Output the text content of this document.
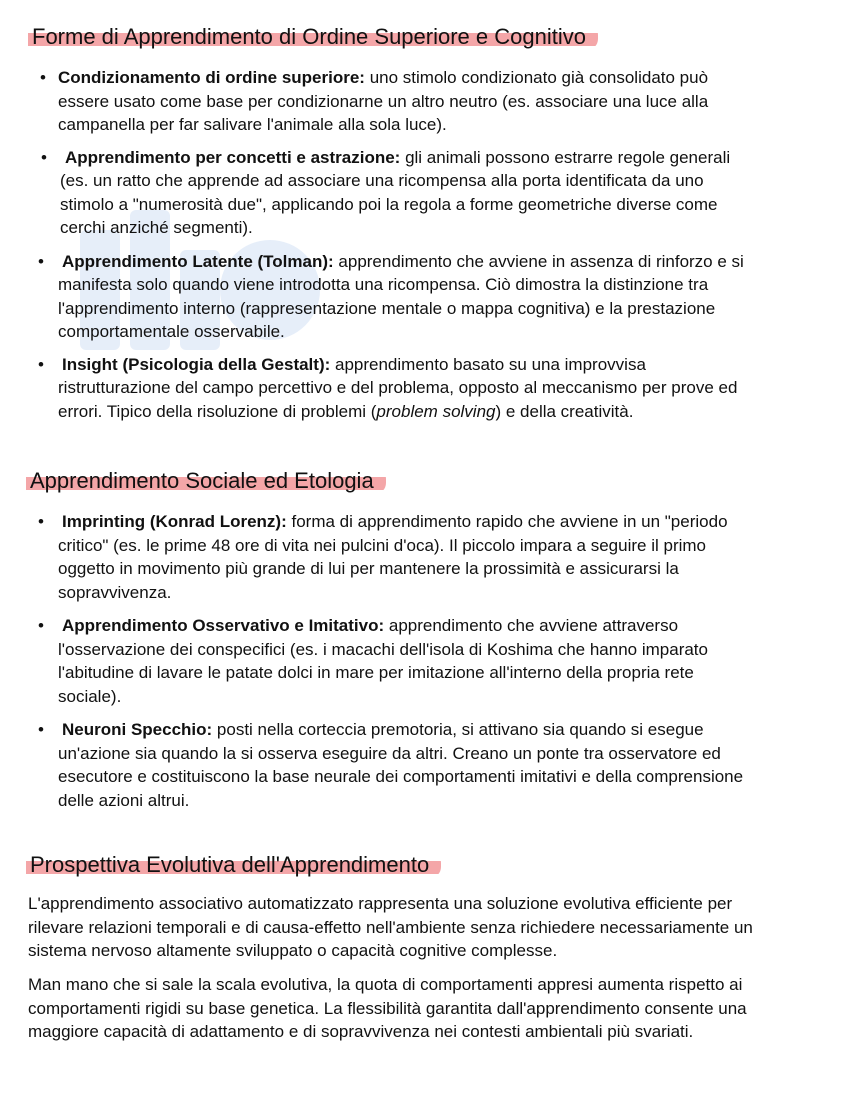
Forme di Apprendimento di Ordine Superiore e Cognitivo
• Condizionamento di ordine superiore: uno stimolo condizionato già consolidato può
essere usato come base per condizionarne un altro neutro (es. associare una luce alla
campanella per far salivare l'animale alla sola luce).
• Apprendimento per concetti e astrazione: gli animali possono estrarre regole generali
(es. un ratto che apprende ad associare una ricompensa alla porta identificata da uno
stimolo a "numerosità due", applicando poi la regola a forme geometriche diverse come
cerchi anziché segmenti).
• Apprendimento Latente (Tolman): apprendimento che avviene in assenza di rinforzo e si
manifesta solo quando viene introdotta una ricompensa. Ciò dimostra la distinzione tra
l'apprendimento interno (rappresentazione mentale o mappa cognitiva) e la prestazione
comportamentale osservabile.
• Insight (Psicologia della Gestalt): apprendimento basato su una improvvisa
ristrutturazione del campo percettivo e del problema, opposto al meccanismo per prove ed
errori. Tipico della risoluzione di problemi (problem solving) e della creatività.
Apprendimento Sociale ed Etologia
• Imprinting (Konrad Lorenz): forma di apprendimento rapido che avviene in un "periodo
critico" (es. le prime 48 ore di vita nei pulcini d'oca). Il piccolo impara a seguire il primo
oggetto in movimento più grande di lui per mantenere la prossimità e assicurarsi la
sopravvivenza.
• Apprendimento Osservativo e Imitativo: apprendimento che avviene attraverso
l'osservazione dei conspecifici (es. i macachi dell'isola di Koshima che hanno imparato
l'abitudine di lavare le patate dolci in mare per imitazione all'interno della propria rete
sociale).
• Neuroni Specchio: posti nella corteccia premotoria, si attivano sia quando si esegue
un'azione sia quando la si osserva eseguire da altri. Creano un ponte tra osservatore ed
esecutore e costituiscono la base neurale dei comportamenti imitativi e della comprensione
delle azioni altrui.
Prospettiva Evolutiva dell'Apprendimento

L'apprendimento associativo automatizzato rappresenta una soluzione evolutiva efficiente per
rilevare relazioni temporali e di causa-effetto nell'ambiente senza richiedere necessariamente un
sistema nervoso altamente sviluppato o capacità cognitive complesse.

Man mano che si sale la scala evolutiva, la quota di comportamenti appresi aumenta rispetto ai
comportamenti rigidi su base genetica. La flessibilità garantita dall'apprendimento consente una
maggiore capacità di adattamento e di sopravvivenza nei contesti ambientali più svariati.
